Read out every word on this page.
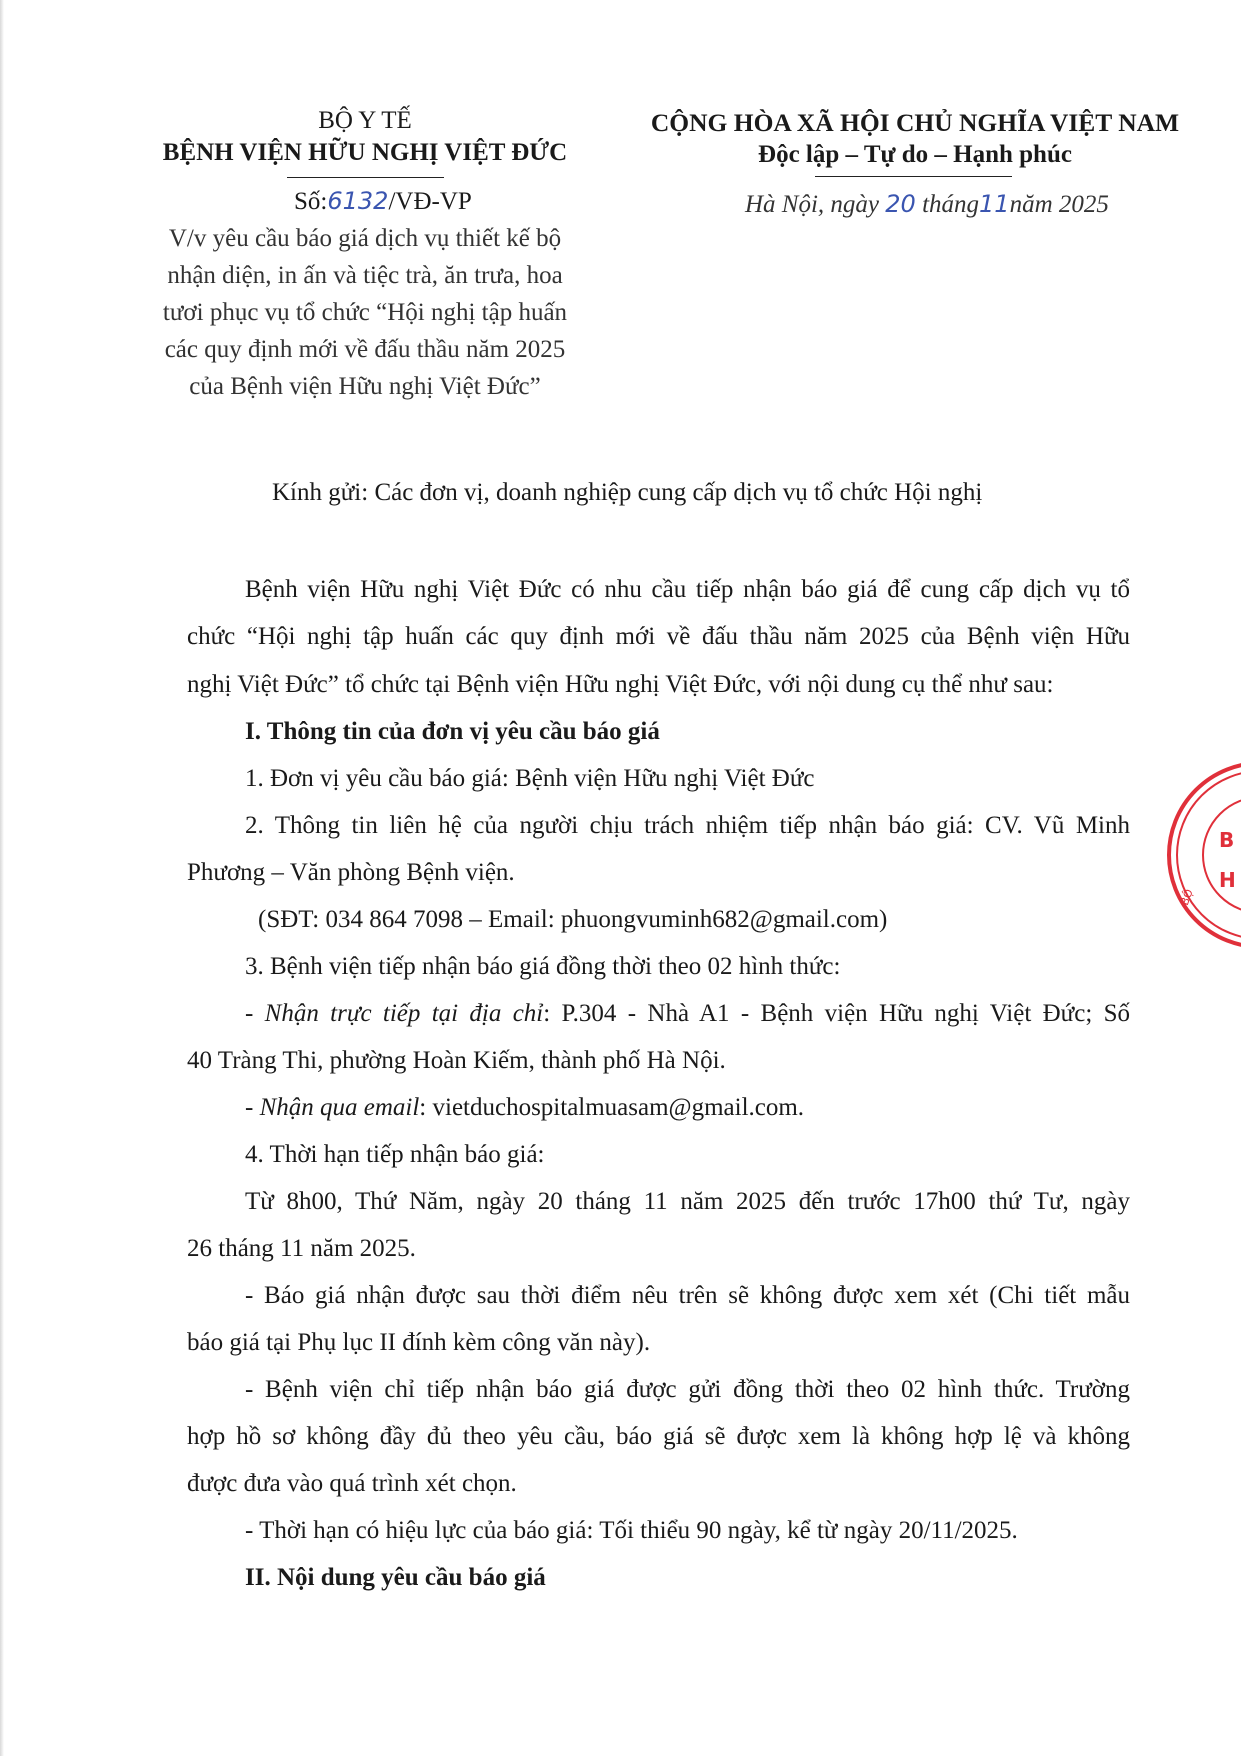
BỘ Y TẾ
BỆNH VIỆN HỮU NGHỊ VIỆT ĐỨC
Số:6132/VĐ-VP
V/v yêu cầu báo giá dịch vụ thiết kế bộ
nhận diện, in ấn và tiệc trà, ăn trưa, hoa
tươi phục vụ tổ chức “Hội nghị tập huấn
các quy định mới về đấu thầu năm 2025
của Bệnh viện Hữu nghị Việt Đức”
CỘNG HÒA XÃ HỘI CHỦ NGHĨA VIỆT NAM
Độc lập – Tự do – Hạnh phúc
Hà Nội, ngày 20 tháng11năm 2025
Kính gửi: Các đơn vị, doanh nghiệp cung cấp dịch vụ tổ chức Hội nghị
Bệnh viện Hữu nghị Việt Đức có nhu cầu tiếp nhận báo giá để cung cấp dịch vụ tổ
chức “Hội nghị tập huấn các quy định mới về đấu thầu năm 2025 của Bệnh viện Hữu
nghị Việt Đức” tổ chức tại Bệnh viện Hữu nghị Việt Đức, với nội dung cụ thể như sau:
I. Thông tin của đơn vị yêu cầu báo giá
1. Đơn vị yêu cầu báo giá: Bệnh viện Hữu nghị Việt Đức
2. Thông tin liên hệ của người chịu trách nhiệm tiếp nhận báo giá: CV. Vũ Minh
Phương – Văn phòng Bệnh viện.
(SĐT: 034 864 7098 – Email: phuongvuminh682@gmail.com)
3. Bệnh viện tiếp nhận báo giá đồng thời theo 02 hình thức:
- Nhận trực tiếp tại địa chỉ: P.304 - Nhà A1 - Bệnh viện Hữu nghị Việt Đức; Số
40 Tràng Thi, phường Hoàn Kiếm, thành phố Hà Nội.
- Nhận qua email: vietduchospitalmuasam@gmail.com.
4. Thời hạn tiếp nhận báo giá:
Từ 8h00, Thứ Năm, ngày 20 tháng 11 năm 2025 đến trước 17h00 thứ Tư, ngày
26 tháng 11 năm 2025.
- Báo giá nhận được sau thời điểm nêu trên sẽ không được xem xét (Chi tiết mẫu
báo giá tại Phụ lục II đính kèm công văn này).
- Bệnh viện chỉ tiếp nhận báo giá được gửi đồng thời theo 02 hình thức. Trường
hợp hồ sơ không đầy đủ theo yêu cầu, báo giá sẽ được xem là không hợp lệ và không
được đưa vào quá trình xét chọn.
- Thời hạn có hiệu lực của báo giá: Tối thiểu 90 ngày, kể từ ngày 20/11/2025.
II. Nội dung yêu cầu báo giá
B
H
BỘ
